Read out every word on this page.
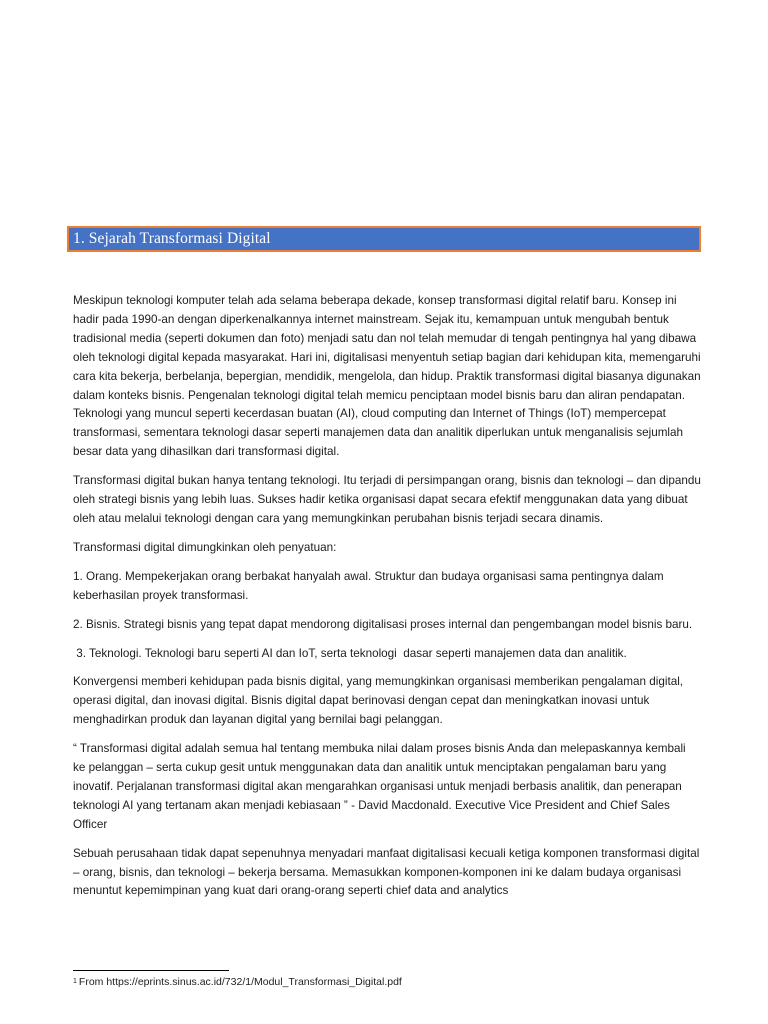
1. Sejarah Transformasi Digital

Meskipun teknologi komputer telah ada selama beberapa dekade, konsep transformasi digital relatif baru. Konsep ini hadir pada 1990-an dengan diperkenalkannya internet mainstream. Sejak itu, kemampuan untuk mengubah bentuk tradisional media (seperti dokumen dan foto) menjadi satu dan nol telah memudar di tengah pentingnya hal yang dibawa oleh teknologi digital kepada masyarakat. Hari ini, digitalisasi menyentuh setiap bagian dari kehidupan kita, memengaruhi cara kita bekerja, berbelanja, bepergian, mendidik, mengelola, dan hidup. Praktik transformasi digital biasanya digunakan dalam konteks bisnis. Pengenalan teknologi digital telah memicu penciptaan model bisnis baru dan aliran pendapatan. Teknologi yang muncul seperti kecerdasan buatan (AI), cloud computing dan Internet of Things (IoT) mempercepat transformasi, sementara teknologi dasar seperti manajemen data dan analitik diperlukan untuk menganalisis sejumlah besar data yang dihasilkan dari transformasi digital.

Transformasi digital bukan hanya tentang teknologi. Itu terjadi di persimpangan orang, bisnis dan teknologi – dan dipandu oleh strategi bisnis yang lebih luas. Sukses hadir ketika organisasi dapat secara efektif menggunakan data yang dibuat oleh atau melalui teknologi dengan cara yang memungkinkan perubahan bisnis terjadi secara dinamis.

Transformasi digital dimungkinkan oleh penyatuan:

1. Orang. Mempekerjakan orang berbakat hanyalah awal. Struktur dan budaya organisasi sama pentingnya dalam keberhasilan proyek transformasi.

2. Bisnis. Strategi bisnis yang tepat dapat mendorong digitalisasi proses internal dan pengembangan model bisnis baru.

3. Teknologi. Teknologi baru seperti AI dan IoT, serta teknologi  dasar seperti manajemen data dan analitik.

Konvergensi memberi kehidupan pada bisnis digital, yang memungkinkan organisasi memberikan pengalaman digital, operasi digital, dan inovasi digital. Bisnis digital dapat berinovasi dengan cepat dan meningkatkan inovasi untuk menghadirkan produk dan layanan digital yang bernilai bagi pelanggan.

“ Transformasi digital adalah semua hal tentang membuka nilai dalam proses bisnis Anda dan melepaskannya kembali ke pelanggan – serta cukup gesit untuk menggunakan data dan analitik untuk menciptakan pengalaman baru yang inovatif. Perjalanan transformasi digital akan mengarahkan organisasi untuk menjadi berbasis analitik, dan penerapan teknologi AI yang tertanam akan menjadi kebiasaan ” - David Macdonald. Executive Vice President and Chief Sales Officer

Sebuah perusahaan tidak dapat sepenuhnya menyadari manfaat digitalisasi kecuali ketiga komponen transformasi digital – orang, bisnis, dan teknologi – bekerja bersama. Memasukkan komponen-komponen ini ke dalam budaya organisasi menuntut kepemimpinan yang kuat dari orang-orang seperti chief data and analytics

$^1$ From https://eprints.sinus.ac.id/732/1/Modul_Transformasi_Digital.pdf
